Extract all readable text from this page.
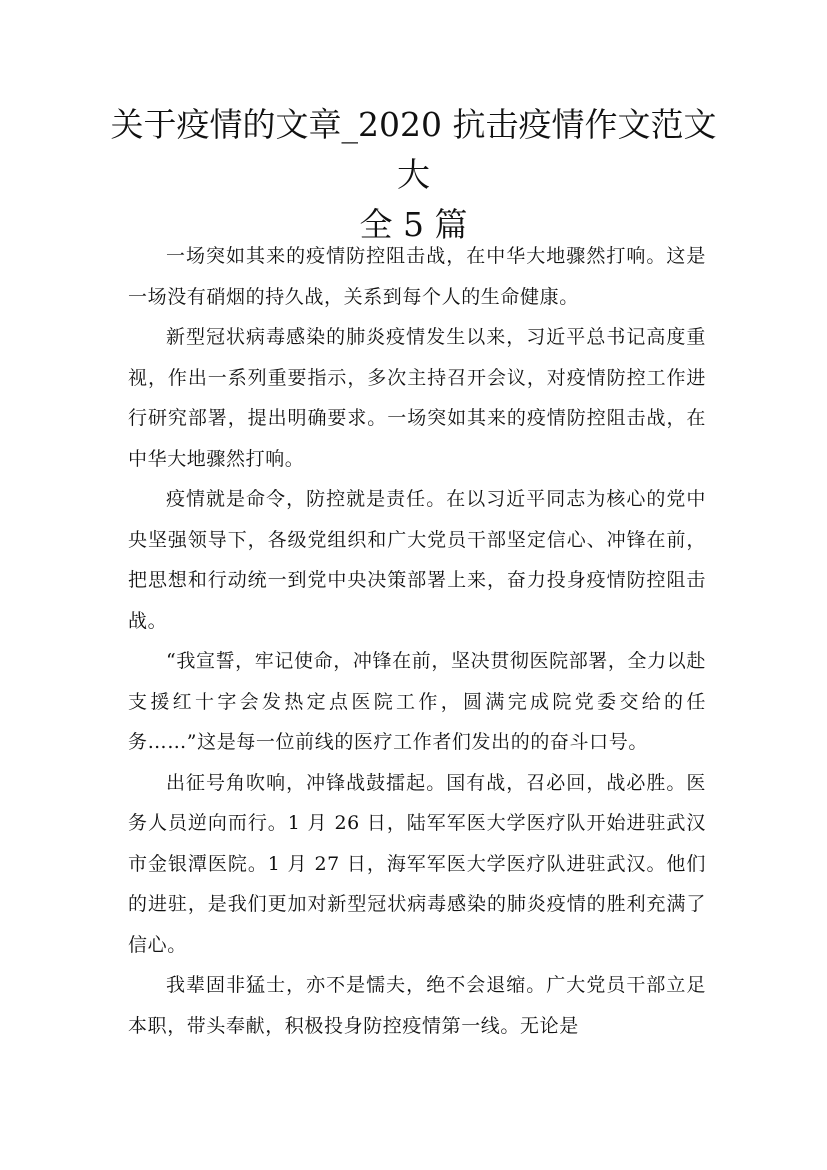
关于疫情的文章_2020 抗击疫情作文范文大
全 5 篇

一场突如其来的疫情防控阻击战，在中华大地骤然打响。这是一场没有硝烟的持久战，关系到每个人的生命健康。

新型冠状病毒感染的肺炎疫情发生以来，习近平总书记高度重视，作出一系列重要指示，多次主持召开会议，对疫情防控工作进行研究部署，提出明确要求。一场突如其来的疫情防控阻击战，在中华大地骤然打响。

疫情就是命令，防控就是责任。在以习近平同志为核心的党中央坚强领导下，各级党组织和广大党员干部坚定信心、冲锋在前，把思想和行动统一到党中央决策部署上来，奋力投身疫情防控阻击战。

“我宣誓，牢记使命，冲锋在前，坚决贯彻医院部署，全力以赴支援红十字会发热定点医院工作，圆满完成院党委交给的任务……”这是每一位前线的医疗工作者们发出的的奋斗口号。

出征号角吹响，冲锋战鼓擂起。国有战，召必回，战必胜。医务人员逆向而行。1 月 26 日，陆军军医大学医疗队开始进驻武汉市金银潭医院。1 月 27 日，海军军医大学医疗队进驻武汉。他们的进驻，是我们更加对新型冠状病毒感染的肺炎疫情的胜利充满了信心。

我辈固非猛士，亦不是懦夫，绝不会退缩。广大党员干部立足本职，带头奉献，积极投身防控疫情第一线。无论是
